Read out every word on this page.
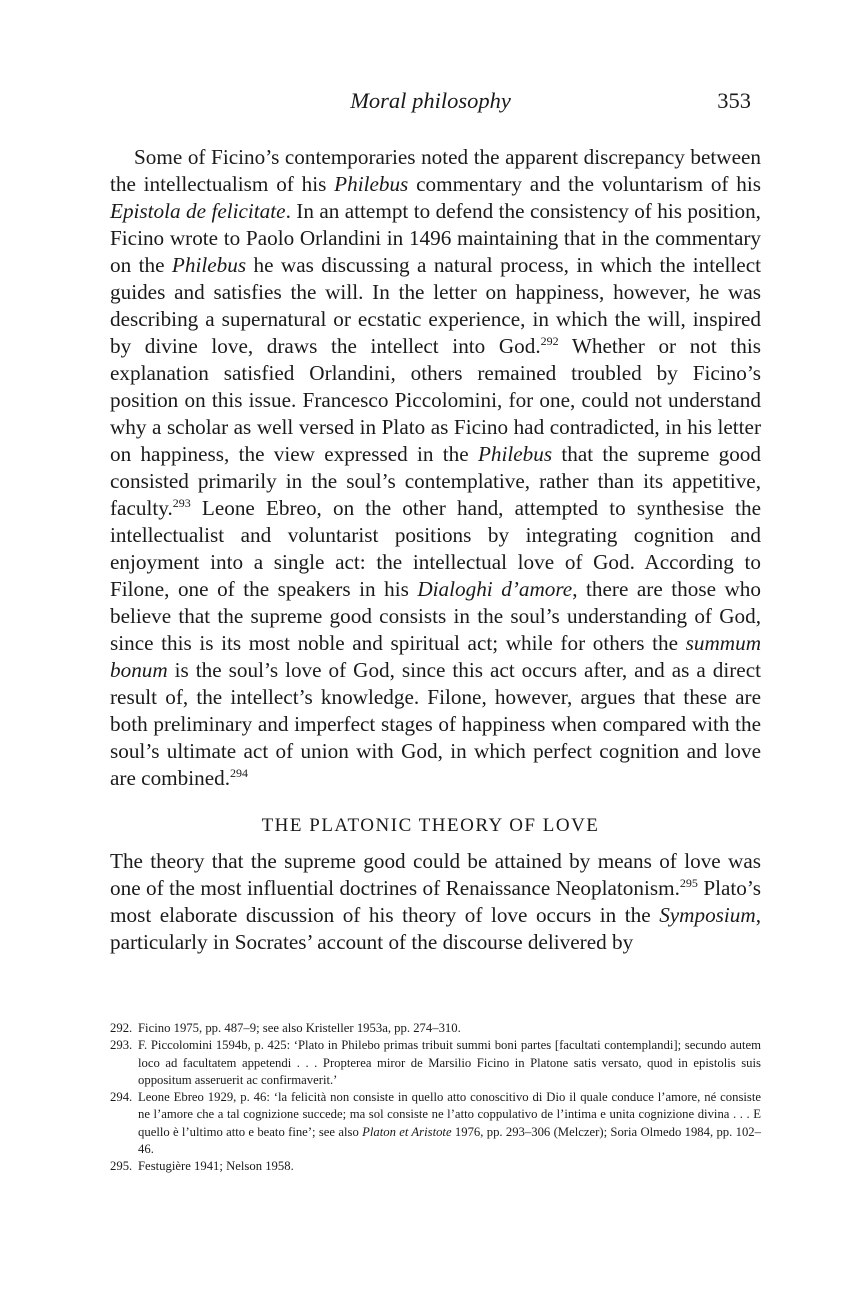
Moral philosophy	353

Some of Ficino’s contemporaries noted the apparent discrepancy between the intellectualism of his Philebus commentary and the voluntarism of his Epistola de felicitate. In an attempt to defend the consistency of his position, Ficino wrote to Paolo Orlandini in 1496 maintaining that in the commentary on the Philebus he was discussing a natural process, in which the intellect guides and satisfies the will. In the letter on happiness, however, he was describing a supernatural or ecstatic experience, in which the will, inspired by divine love, draws the intellect into God.$^{292}$ Whether or not this explanation satisfied Orlandini, others remained troubled by Ficino’s position on this issue. Francesco Piccolomini, for one, could not understand why a scholar as well versed in Plato as Ficino had contradicted, in his letter on happiness, the view expressed in the Philebus that the supreme good consisted primarily in the soul’s contemplative, rather than its appetitive, faculty.$^{293}$ Leone Ebreo, on the other hand, attempted to synthesise the intellectualist and voluntarist positions by integrating cognition and enjoyment into a single act: the intellectual love of God. According to Filone, one of the speakers in his Dialoghi d’amore, there are those who believe that the supreme good consists in the soul’s understanding of God, since this is its most noble and spiritual act; while for others the summum bonum is the soul’s love of God, since this act occurs after, and as a direct result of, the intellect’s knowledge. Filone, however, argues that these are both preliminary and imperfect stages of happiness when compared with the soul’s ultimate act of union with God, in which perfect cognition and love are combined.$^{294}$

THE PLATONIC THEORY OF LOVE

The theory that the supreme good could be attained by means of love was one of the most influential doctrines of Renaissance Neoplatonism.$^{295}$ Plato’s most elaborate discussion of his theory of love occurs in the Symposium, particularly in Socrates’ account of the discourse delivered by

292. Ficino 1975, pp. 487–9; see also Kristeller 1953a, pp. 274–310.

293. F. Piccolomini 1594b, p. 425: ‘Plato in Philebo primas tribuit summi boni partes [facultati contemplandi]; secundo autem loco ad facultatem appetendi . . . Propterea miror de Marsilio Ficino in Platone satis versato, quod in epistolis suis oppositum asseruerit ac confirmaverit.’

294. Leone Ebreo 1929, p. 46: ‘la felicità non consiste in quello atto conoscitivo di Dio il quale conduce l’amore, né consiste ne l’amore che a tal cognizione succede; ma sol consiste ne l’atto coppulativo de l’intima e unita cognizione divina . . . E quello è l’ultimo atto e beato fine’; see also Platon et Aristote 1976, pp. 293–306 (Melczer); Soria Olmedo 1984, pp. 102–46.

295. Festugière 1941; Nelson 1958.
